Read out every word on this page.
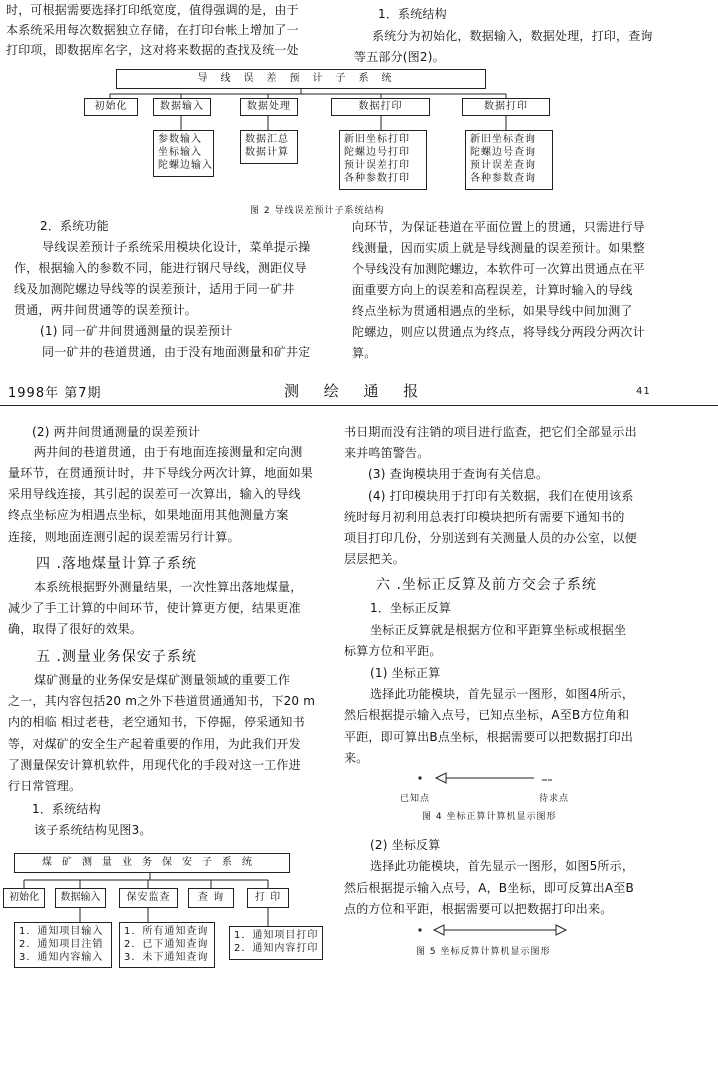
时，可根据需要选择打印纸宽度，值得强调的是，由于
本系统采用每次数据独立存储，在打印台帐上增加了一
打印项，即数据库名字，这对将来数据的查找及统一处
1．系统结构
系统分为初始化，数据输入，数据处理，打印，查询
等五部分(图2)。
导线误差预计子系统
初始化	数据输入	数据处理	数据打印	数据打印
参数输入
坐标输入
陀螺边输入
数据汇总
数据计算
新旧坐标打印
陀螺边号打印
预计误差打印
各种参数打印
新旧坐标查询
陀螺边号查询
预计误差查询
各种参数查询
图 2 导线误差预计子系统结构
2．系统功能
导线误差预计子系统采用模块化设计，菜单提示操
作，根据输入的参数不同，能进行钢尺导线，测距仪导
线及加测陀螺边导线等的误差预计，适用于同一矿井
贯通，两井间贯通等的误差预计。
(1) 同一矿井间贯通测量的误差预计
同一矿井的巷道贯通，由于没有地面测量和矿井定
向环节，为保证巷道在平面位置上的贯通，只需进行导
线测量，因而实质上就是导线测量的误差预计。如果整
个导线没有加测陀螺边，本软件可一次算出贯通点在平
面重要方向上的误差和高程误差，计算时输入的导线
终点坐标为贯通相遇点的坐标，如果导线中间加测了
陀螺边，则应以贯通点为终点，将导线分两段分两次计
算。
1998年 第7期	测 绘 通 报	41
(2) 两井间贯通测量的误差预计
两井间的巷道贯通，由于有地面连接测量和定向测
量环节，在贯通预计时，井下导线分两次计算，地面如果
采用导线连接，其引起的误差可一次算出，输入的导线
终点坐标应为相遇点坐标，如果地面用其他测量方案
连接，则地面连测引起的误差需另行计算。
四 .落地煤量计算子系统
本系统根据野外测量结果，一次性算出落地煤量，
减少了手工计算的中间环节，使计算更方便，结果更准
确，取得了很好的效果。
五 .测量业务保安子系统
煤矿测量的业务保安是煤矿测量领域的重要工作
之一，其内容包括20 m之外下巷道贯通通知书，下20 m
内的相临 相过老巷，老空通知书，下停掘，停采通知书
等，对煤矿的安全生产起着重要的作用，为此我们开发
了测量保安计算机软件，用现代化的手段对这一工作进
行日常管理。
1．系统结构
该子系统结构见图3。
煤矿测量业务保安子系统
初始化	数据输入	保安监查	查 询	打 印
1．通知项目输入
2．通知项目注销
3．通知内容输入
1．所有通知查询
2．已下通知查询
3．未下通知查询
1．通知项目打印
2．通知内容打印
书日期而没有注销的项目进行监查，把它们全部显示出
来并鸣笛警告。
(3) 查询模块用于查询有关信息。
(4) 打印模块用于打印有关数据，我们在使用该系
统时每月初利用总表打印模块把所有需要下通知书的
项目打印几份，分别送到有关测量人员的办公室，以便
层层把关。
六 .坐标正反算及前方交会子系统
1．坐标正反算
坐标正反算就是根据方位和平距算坐标或根据坐
标算方位和平距。
(1) 坐标正算
选择此功能模块，首先显示一图形，如图4所示，
然后根据提示输入点号，已知点坐标，A至B方位角和
平距，即可算出B点坐标，根据需要可以把数据打印出
来。
已知点	待求点
图 4 坐标正算计算机显示图形
(2) 坐标反算
选择此功能模块，首先显示一图形，如图5所示，
然后根据提示输入点号，A，B坐标，即可反算出A至B
点的方位和平距，根据需要可以把数据打印出来。
图 5 坐标反算计算机显示图形
